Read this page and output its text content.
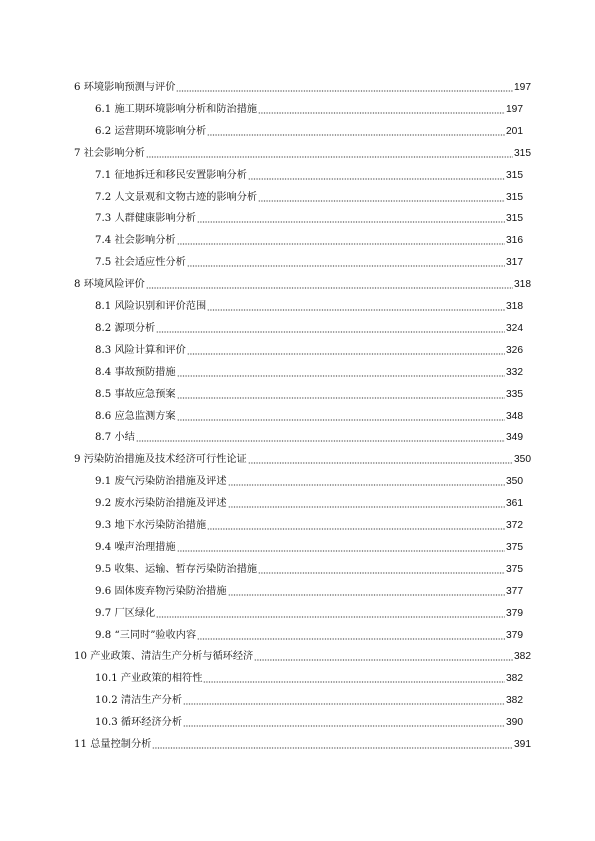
6 环境影响预测与评价	197
6.1 施工期环境影响分析和防治措施	197
6.2 运营期环境影响分析	201
7 社会影响分析	315
7.1 征地拆迁和移民安置影响分析	315
7.2 人文景观和文物古迹的影响分析	315
7.3 人群健康影响分析	315
7.4 社会影响分析	316
7.5 社会适应性分析	317
8 环境风险评价	318
8.1 风险识别和评价范围	318
8.2 源项分析	324
8.3 风险计算和评价	326
8.4 事故预防措施	332
8.5 事故应急预案	335
8.6 应急监测方案	348
8.7 小结	349
9 污染防治措施及技术经济可行性论证	350
9.1 废气污染防治措施及评述	350
9.2 废水污染防治措施及评述	361
9.3 地下水污染防治措施	372
9.4 噪声治理措施	375
9.5 收集、运输、暂存污染防治措施	375
9.6 固体废弃物污染防治措施	377
9.7 厂区绿化	379
9.8 “三同时”验收内容	379
10 产业政策、清洁生产分析与循环经济	382
10.1 产业政策的相符性	382
10.2 清洁生产分析	382
10.3 循环经济分析	390
11 总量控制分析	391
